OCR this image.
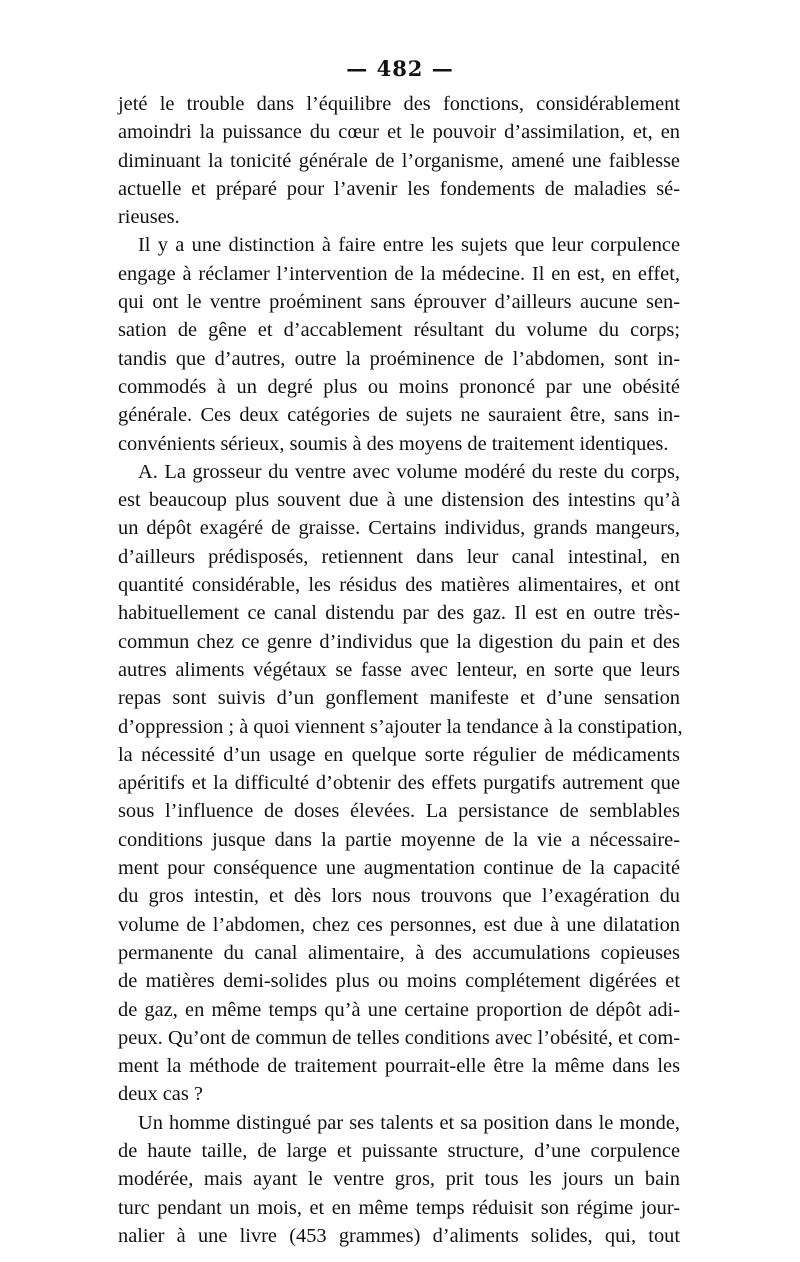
— 482 —
jeté le trouble dans l’équilibre des fonctions, considérablement
amoindri la puissance du cœur et le pouvoir d’assimilation, et, en
diminuant la tonicité générale de l’organisme, amené une faiblesse
actuelle et préparé pour l’avenir les fondements de maladies sé-
rieuses.
Il y a une distinction à faire entre les sujets que leur corpulence
engage à réclamer l’intervention de la médecine. Il en est, en effet,
qui ont le ventre proéminent sans éprouver d’ailleurs aucune sen-
sation de gêne et d’accablement résultant du volume du corps;
tandis que d’autres, outre la proéminence de l’abdomen, sont in-
commodés à un degré plus ou moins prononcé par une obésité
générale. Ces deux catégories de sujets ne sauraient être, sans in-
convénients sérieux, soumis à des moyens de traitement identiques.
A. La grosseur du ventre avec volume modéré du reste du corps,
est beaucoup plus souvent due à une distension des intestins qu’à
un dépôt exagéré de graisse. Certains individus, grands mangeurs,
d’ailleurs prédisposés, retiennent dans leur canal intestinal, en
quantité considérable, les résidus des matières alimentaires, et ont
habituellement ce canal distendu par des gaz. Il est en outre très-
commun chez ce genre d’individus que la digestion du pain et des
autres aliments végétaux se fasse avec lenteur, en sorte que leurs
repas sont suivis d’un gonflement manifeste et d’une sensation
d’oppression ; à quoi viennent s’ajouter la tendance à la constipation,
la nécessité d’un usage en quelque sorte régulier de médicaments
apéritifs et la difficulté d’obtenir des effets purgatifs autrement que
sous l’influence de doses élevées. La persistance de semblables
conditions jusque dans la partie moyenne de la vie a nécessaire-
ment pour conséquence une augmentation continue de la capacité
du gros intestin, et dès lors nous trouvons que l’exagération du
volume de l’abdomen, chez ces personnes, est due à une dilatation
permanente du canal alimentaire, à des accumulations copieuses
de matières demi-solides plus ou moins complétement digérées et
de gaz, en même temps qu’à une certaine proportion de dépôt adi-
peux. Qu’ont de commun de telles conditions avec l’obésité, et com-
ment la méthode de traitement pourrait-elle être la même dans les
deux cas ?
Un homme distingué par ses talents et sa position dans le monde,
de haute taille, de large et puissante structure, d’une corpulence
modérée, mais ayant le ventre gros, prit tous les jours un bain
turc pendant un mois, et en même temps réduisit son régime jour-
nalier à une livre (453 grammes) d’aliments solides, qui, tout
